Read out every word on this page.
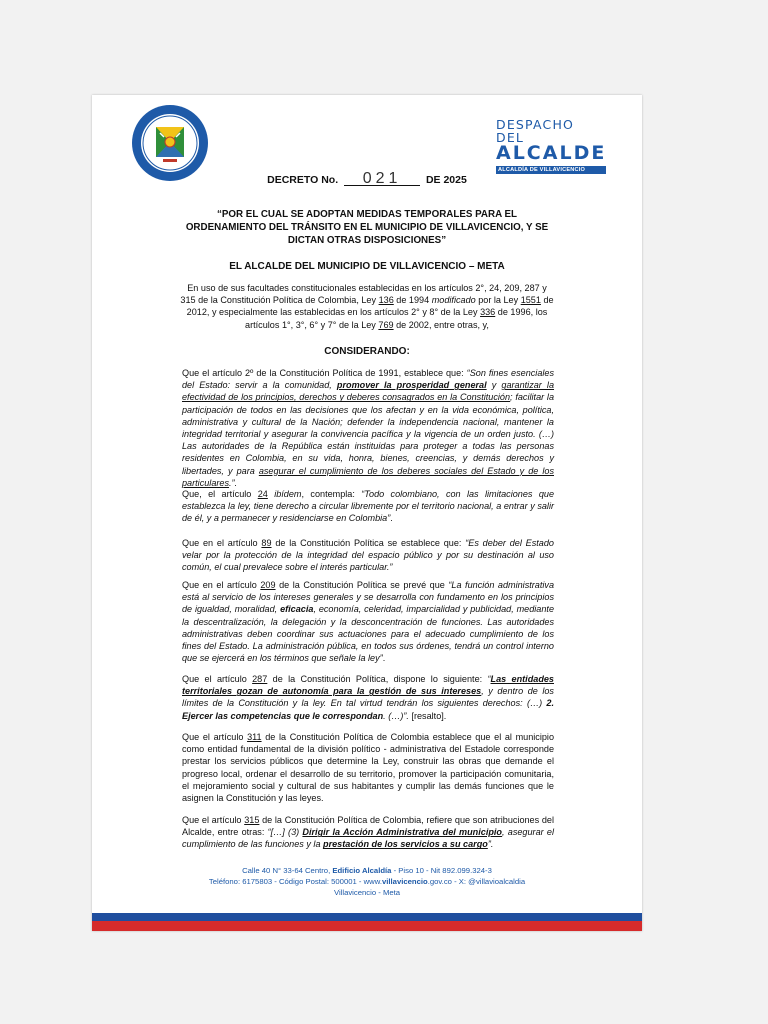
DESPACHO DEL
ALCALDE
ALCALDÍA DE VILLAVICENCIO
DECRETO No. 021 DE 2025
“POR EL CUAL SE ADOPTAN MEDIDAS TEMPORALES PARA EL ORDENAMIENTO DEL TRÁNSITO EN EL MUNICIPIO DE VILLAVICENCIO, Y SE DICTAN OTRAS DISPOSICIONES”
EL ALCALDE DEL MUNICIPIO DE VILLAVICENCIO – META
En uso de sus facultades constitucionales establecidas en los artículos 2°, 24, 209, 287 y 315 de la Constitución Política de Colombia, Ley 136 de 1994 modificado por la Ley 1551 de 2012, y especialmente las establecidas en los artículos 2° y 8° de la Ley 336 de 1996, los artículos 1°, 3°, 6° y 7° de la Ley 769 de 2002, entre otras, y,
CONSIDERANDO:
Que el artículo 2º de la Constitución Política de 1991, establece que: “Son fines esenciales del Estado: servir a la comunidad, promover la prosperidad general y garantizar la efectividad de los principios, derechos y deberes consagrados en la Constitución; facilitar la participación de todos en las decisiones que los afectan y en la vida económica, política, administrativa y cultural de la Nación; defender la independencia nacional, mantener la integridad territorial y asegurar la convivencia pacífica y la vigencia de un orden justo. (…) Las autoridades de la República están instituidas para proteger a todas las personas residentes en Colombia, en su vida, honra, bienes, creencias, y demás derechos y libertades, y para asegurar el cumplimiento de los deberes sociales del Estado y de los particulares.”.
Que, el artículo 24 ibídem, contempla: “Todo colombiano, con las limitaciones que establezca la ley, tiene derecho a circular libremente por el territorio nacional, a entrar y salir de él, y a permanecer y residenciarse en Colombia”.
Que en el artículo 89 de la Constitución Política se establece que: “Es deber del Estado velar por la protección de la integridad del espacio público y por su destinación al uso común, el cual prevalece sobre el interés particular.”
Que en el artículo 209 de la Constitución Política se prevé que “La función administrativa está al servicio de los intereses generales y se desarrolla con fundamento en los principios de igualdad, moralidad, eficacia, economía, celeridad, imparcialidad y publicidad, mediante la descentralización, la delegación y la desconcentración de funciones. Las autoridades administrativas deben coordinar sus actuaciones para el adecuado cumplimiento de los fines del Estado. La administración pública, en todos sus órdenes, tendrá un control interno que se ejercerá en los términos que señale la ley”.
Que el artículo 287 de la Constitución Política, dispone lo siguiente: “Las entidades territoriales gozan de autonomía para la gestión de sus intereses, y dentro de los límites de la Constitución y la ley. En tal virtud tendrán los siguientes derechos: (…) 2. Ejercer las competencias que le correspondan. (…)”. [resalto].
Que el artículo 311 de la Constitución Política de Colombia establece que el al municipio como entidad fundamental de la división político - administrativa del Estadole corresponde prestar los servicios públicos que determine la Ley, construir las obras que demande el progreso local, ordenar el desarrollo de su territorio, promover la participación comunitaria, el mejoramiento social y cultural de sus habitantes y cumplir las demás funciones que le asignen la Constitución y las leyes.
Que el artículo 315 de la Constitución Política de Colombia, refiere que son atribuciones del Alcalde, entre otras: “[…] (3) Dirigir la Acción Administrativa del municipio, asegurar el cumplimiento de las funciones y la prestación de los servicios a su cargo”.
Calle 40 N° 33-64 Centro, Edificio Alcaldía - Piso 10 - Nit 892.099.324-3
Teléfono: 6175803 - Código Postal: 500001 - www.villavicencio.gov.co - X: @villavioalcaldia
Villavicencio - Meta
